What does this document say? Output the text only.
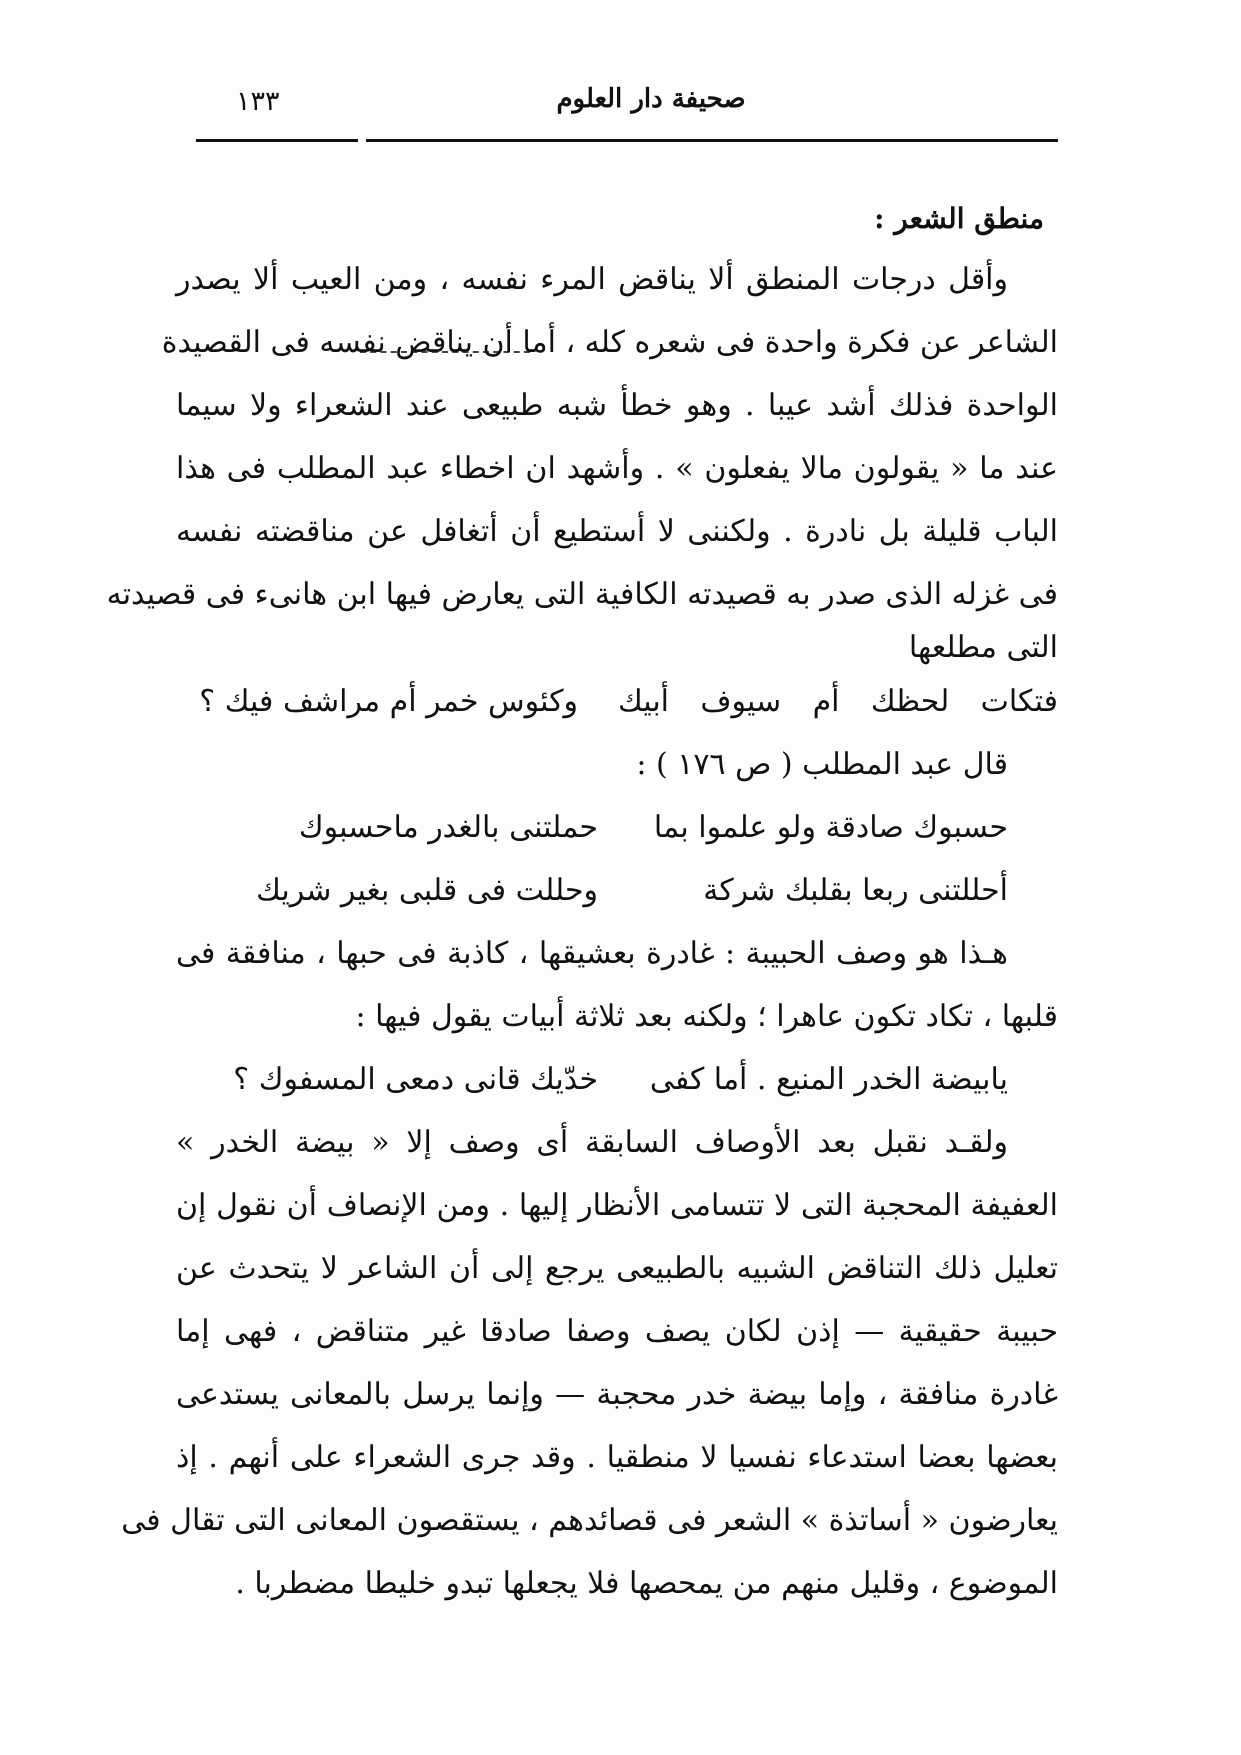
١٣٣	صحيفة دار العلوم
منطق الشعر :
وأقل درجات المنطق ألا يناقض المرء نفسه ، ومن العيب ألا يصدر
الشاعر عن فكرة واحدة فى شعره كله ، أما أن يناقض نفسه فى القصيدة
الواحدة فذلك أشد عيبا . وهو خطأ شبه طبيعى عند الشعراء ولا سيما
عند ما « يقولون مالا يفعلون » . وأشهد ان اخطاء عبد المطلب فى هذا
الباب قليلة بل نادرة . ولكننى لا أستطيع أن أتغافل عن مناقضته نفسه
فى غزله الذى صدر به قصيدته الكافية التى يعارض فيها ابن هانىء فى قصيدته
التى مطلعها
فتكات لحظك أم سيوف أبيك
وكئوس خمر أم مراشف فيك ؟
قال عبد المطلب ( ص ١٧٦ ) :
حسبوك صادقة ولو علموا بما
حملتنى بالغدر ماحسبوك
أحللتنى ربعا بقلبك شركة
وحللت فى قلبى بغير شريك
هـذا هو وصف الحبيبة : غادرة بعشيقها ، كاذبة فى حبها ، منافقة فى
قلبها ، تكاد تكون عاهرا ؛ ولكنه بعد ثلاثة أبيات يقول فيها :
يابيضة الخدر المنيع . أما كفى
خدّيك قانى دمعى المسفوك ؟
ولقـد نقبل بعد الأوصاف السابقة أى وصف إلا « بيضة الخدر »
العفيفة المحجبة التى لا تتسامى الأنظار إليها . ومن الإنصاف أن نقول إن
تعليل ذلك التناقض الشبيه بالطبيعى يرجع إلى أن الشاعر لا يتحدث عن
حبيبة حقيقية — إذن لكان يصف وصفا صادقا غير متناقض ، فهى إما
غادرة منافقة ، وإما بيضة خدر محجبة — وإنما يرسل بالمعانى يستدعى
بعضها بعضا استدعاء نفسيا لا منطقيا . وقد جرى الشعراء على أنهم . إذ
يعارضون « أساتذة » الشعر فى قصائدهم ، يستقصون المعانى التى تقال فى
الموضوع ، وقليل منهم من يمحصها فلا يجعلها تبدو خليطا مضطربا .
